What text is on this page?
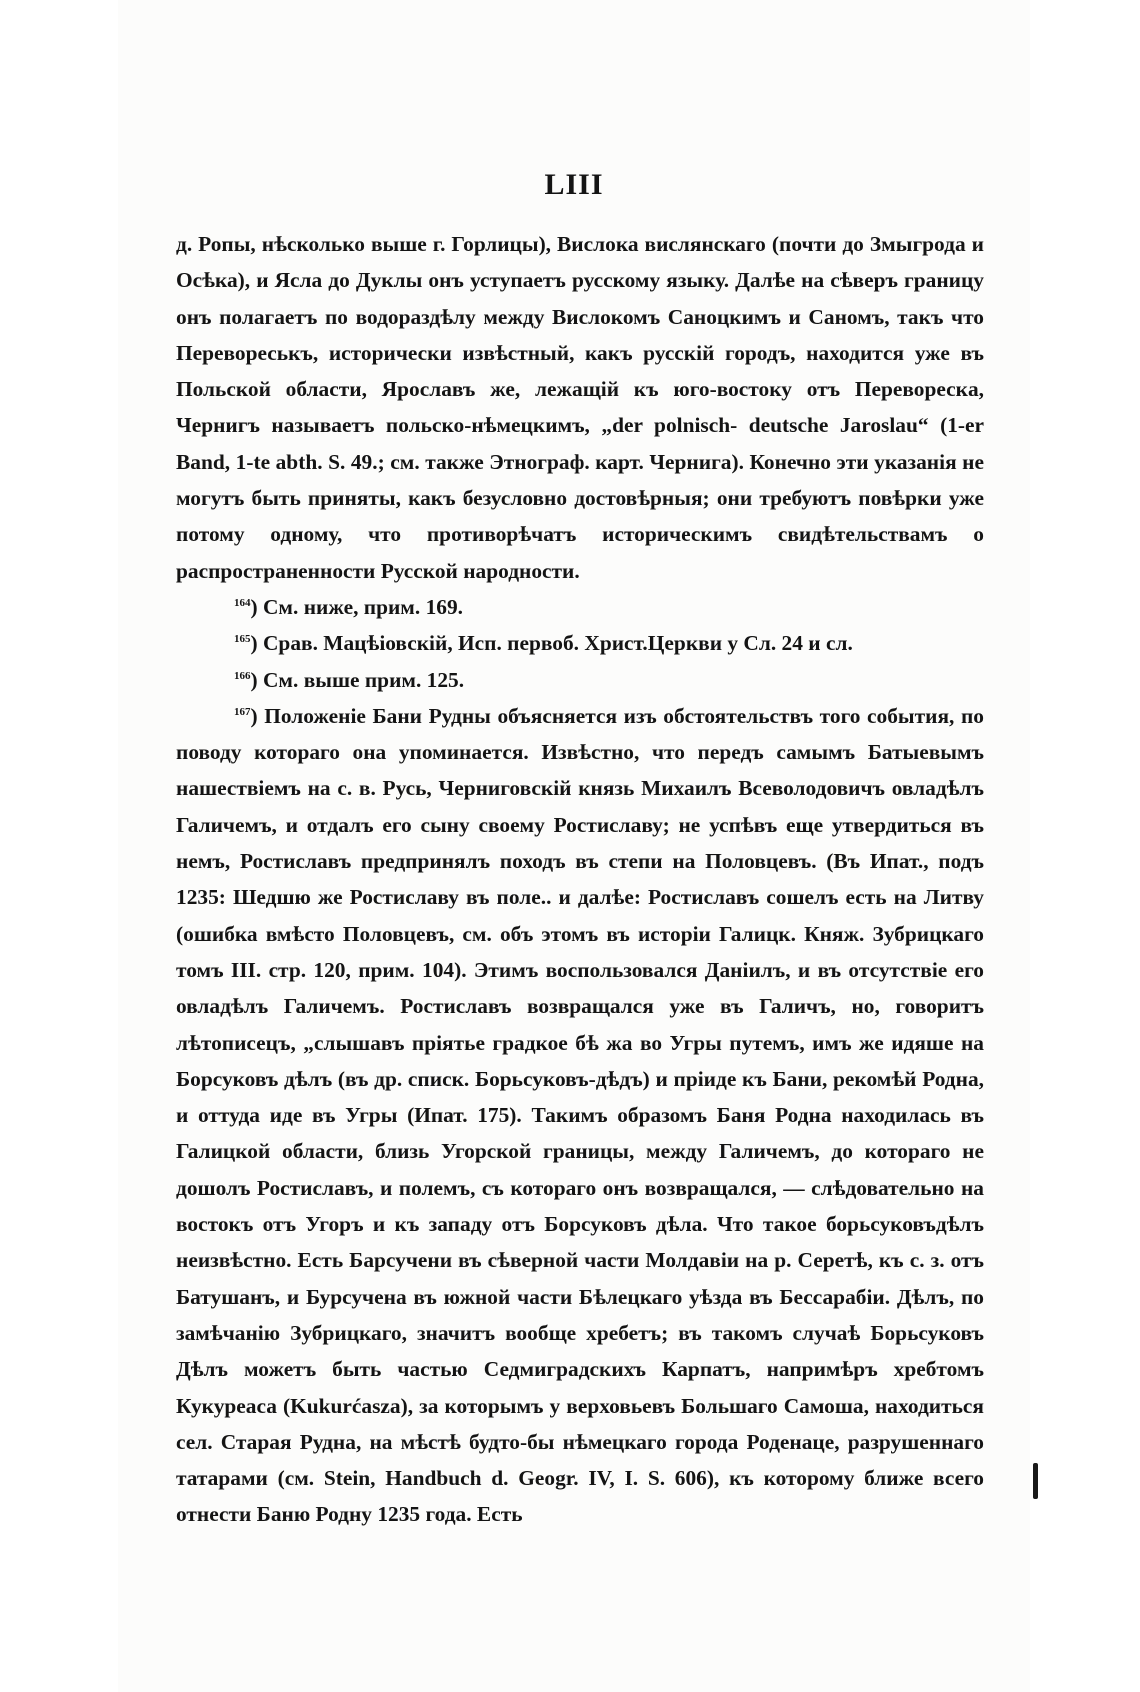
LIII

д. Ропы, нѣсколько выше г. Горлицы), Вислока вислянскаго (почти до Змыгрода и Осѣка), и Ясла до Дуклы онъ уступаетъ русскому языку. Далѣе на сѣверъ границу онъ полагаетъ по водораздѣлу между Вислокомъ Саноцкимъ и Саномъ, такъ что Перевореськъ, исторически извѣстный, какъ русскій городъ, находится уже въ Польской области, Ярославъ же, лежащій къ юго-востоку отъ Переворескa, Чернигъ называетъ польско-нѣмецкимъ, „der polnisch- deutsche Jaroslau“ (1-er Band, 1-te abth. S. 49.; см. также Этнограф. карт. Чернига). Конечно эти указанія не могутъ быть приняты, какъ безусловно достовѣрныя; они требуютъ повѣрки уже потому одному, что противорѣчатъ историческимъ свидѣтельствамъ о распространенности Русской народности.

$^{164}$) См. ниже, прим. 169.

$^{165}$) Срав. Мацѣіовскій, Исп. первоб. Христ.Церкви у Сл. 24 и сл.

$^{166}$) См. выше прим. 125.

$^{167}$) Положеніе Бани Рудны объясняется изъ обстоятельствъ того события, по поводу котораго она упоминается. Извѣстно, что передъ самымъ Батыевымъ нашествіемъ на с. в. Русь, Черниговскій князь Михаилъ Всеволодовичъ овладѣлъ Галичемъ, и отдалъ его сыну своему Ростиславу; не успѣвъ еще утвердиться въ немъ, Ростиславъ предпринялъ походъ въ степи на Половцевъ. (Въ Ипат., подъ 1235: Шедшю же Ростиславу въ поле.. и далѣе: Ростиславъ сошелъ есть на Литву (ошибка вмѣсто Половцевъ, см. объ этомъ въ исторіи Галицк. Княж. Зубрицкаго томъ III. стр. 120, прим. 104). Этимъ воспользовался Даніилъ, и въ отсутствіе его овладѣлъ Галичемъ. Ростиславъ возвращался уже въ Галичъ, но, говоритъ лѣтописецъ, „слышавъ пріятье градкое бѣ жа во Угры путемъ, имъ же идяше на Борсуковъ дѣлъ (въ др. списк. Борьсуковъ-дѣдъ) и пріиде къ Бани, рекомѣй Родна, и оттуда иде въ Угры (Ипат. 175). Такимъ образомъ Баня Родна находилась въ Галицкой области, близь Угорской границы, между Галичемъ, до котораго не дошолъ Ростиславъ, и полемъ, съ котораго онъ возвращался, — слѣдовательно на востокъ отъ Угоръ и къ западу отъ Борсуковъ дѣла. Что такое борьсуковъдѣлъ неизвѣстно. Есть Барсучени въ сѣверной части Молдавіи на р. Серетѣ, къ с. з. отъ Батушанъ, и Бурсучена въ южной части Бѣлецкаго уѣзда въ Бессарабіи. Дѣлъ, по замѣчанію Зубрицкаго, значитъ вообще хребетъ; въ такомъ случаѣ Борьсуковъ Дѣлъ можетъ быть частью Седмиградскихъ Карпатъ, напримѣръ хребтомъ Кукуреаса (Kukurćasza), за которымъ у верховьевъ Большаго Самоша, находиться сел. Старая Рудна, на мѣстѣ будто-бы нѣмецкаго города Роденаце, разрушеннаго татарами (см. Stein, Handbuch d. Geogr. IV, I. S. 606), къ которому ближе всего отнести Баню Родну 1235 года. Есть
